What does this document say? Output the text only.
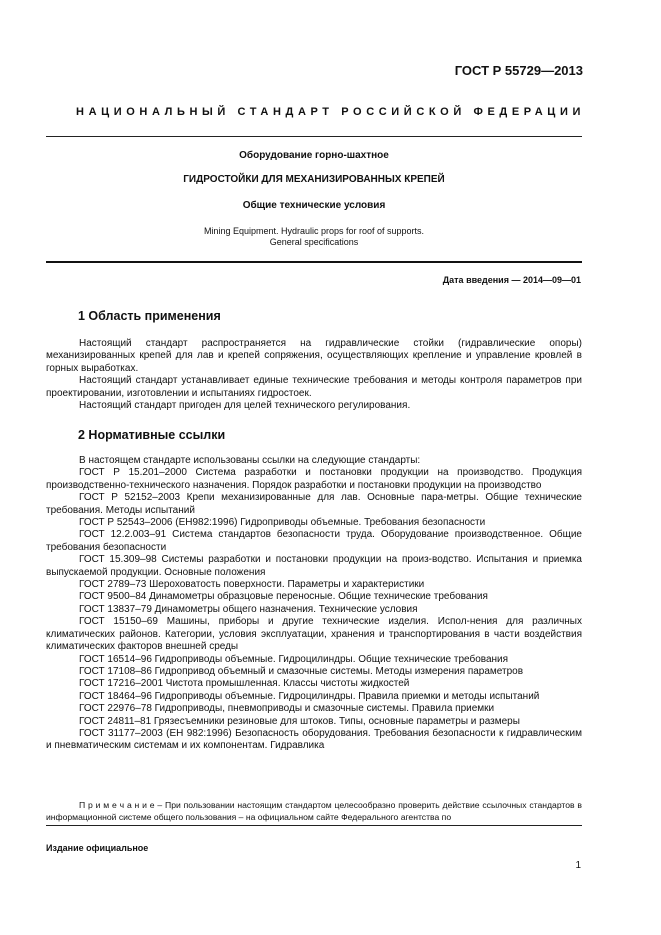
ГОСТ Р 55729—2013
НАЦИОНАЛЬНЫЙ СТАНДАРТ РОССИЙСКОЙ ФЕДЕРАЦИИ
Оборудование горно-шахтное
ГИДРОСТОЙКИ ДЛЯ МЕХАНИЗИРОВАННЫХ КРЕПЕЙ
Общие технические условия
Mining Equipment. Hydraulic props for roof of supports.
General specifications
Дата введения — 2014—09—01
1 Область применения

Настоящий стандарт распространяется на гидравлические стойки (гидравлические опоры) механизированных крепей для лав и крепей сопряжения, осуществляющих крепление и управление кровлей в горных выработках.

Настоящий стандарт устанавливает единые технические требования и методы контроля параметров при проектировании, изготовлении и испытаниях гидростоек.

Настоящий стандарт пригоден для целей технического регулирования.

2 Нормативные ссылки

В настоящем стандарте использованы ссылки на следующие стандарты:

ГОСТ Р 15.201–2000 Система разработки и постановки продукции на производство. Продукция производственно-технического назначения. Порядок разработки и постановки продукции на производство

ГОСТ Р 52152–2003 Крепи механизированные для лав. Основные пара-метры. Общие технические требования. Методы испытаний

ГОСТ Р 52543–2006 (ЕН982:1996) Гидроприводы объемные. Требования безопасности

ГОСТ 12.2.003–91 Система стандартов безопасности труда. Оборудование производственное. Общие требования безопасности

ГОСТ 15.309–98 Системы разработки и постановки продукции на произ-водство. Испытания и приемка выпускаемой продукции. Основные положения

ГОСТ 2789–73 Шероховатость поверхности. Параметры и характеристики

ГОСТ 9500–84 Динамометры образцовые переносные. Общие технические требования

ГОСТ 13837–79 Динамометры общего назначения. Технические условия

ГОСТ 15150–69 Машины, приборы и другие технические изделия. Испол-нения для различных климатических районов. Категории, условия эксплуатации, хранения и транспортирования в части воздействия климатических факторов внешней среды

ГОСТ 16514–96 Гидроприводы объемные. Гидроцилиндры. Общие технические требования

ГОСТ 17108–86 Гидропривод объемный и смазочные системы. Методы измерения параметров

ГОСТ 17216–2001 Чистота промышленная. Классы чистоты жидкостей

ГОСТ 18464–96 Гидроприводы объемные. Гидроцилиндры. Правила приемки и методы испытаний

ГОСТ 22976–78 Гидроприводы, пневмоприводы и смазочные системы. Правила приемки

ГОСТ 24811–81 Грязесъемники резиновые для штоков. Типы, основные параметры и размеры

ГОСТ 31177–2003 (ЕН 982:1996) Безопасность оборудования. Требования безопасности к гидравлическим и пневматическим системам и их компонентам. Гидравлика

П р и м е ч а н и е – При пользовании настоящим стандартом целесообразно проверить действие ссылочных стандартов в информационной системе общего пользования – на официальном сайте Федерального агентства по

Издание официальное
1
